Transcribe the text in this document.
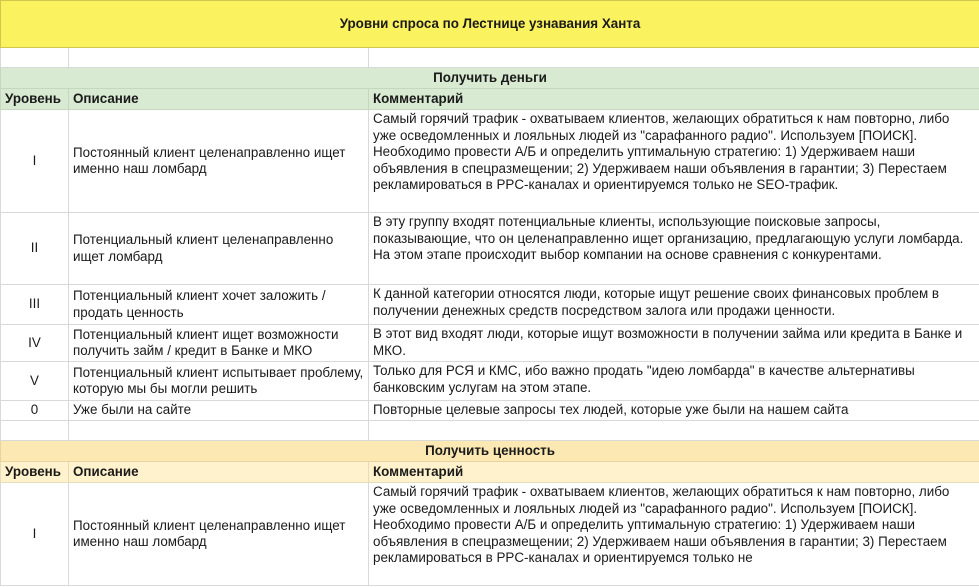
Уровни спроса по Лестнице узнавания Ханта		

Получить деньги		
Уровень	Описание	Комментарий
I	Постоянный клиент целенаправленно ищет именно наш ломбард	Самый горячий трафик - охватываем клиентов, желающих обратиться к нам повторно, либо уже осведомленных и лояльных людей из "сарафанного радио". Используем [ПОИСК]. Необходимо провести А/Б и определить уптимальную стратегию: 1) Удерживаем наши объявления в спецразмещении; 2) Удерживаем наши объявления в гарантии; 3) Перестаем рекламироваться в PPC-каналах и ориентируемся только не SEO-трафик.
II	Потенциальный клиент целенаправленно ищет ломбард	В эту группу входят потенциальные клиенты, использующие поисковые запросы, показывающие, что он целенаправленно ищет организацию, предлагающую услуги ломбарда. На этом этапе происходит выбор компании на основе сравнения с конкурентами.
III	Потенциальный клиент хочет заложить / продать ценность	К данной категории относятся люди, которые ищут решение своих финансовых проблем в получении денежных средств посредством залога или продажи ценности.
IV	Потенциальный клиент ищет возможности получить займ / кредит в Банке и МКО	В этот вид входят люди, которые ищут возможности в получении займа или кредита в Банке и МКО.
V	Потенциальный клиент испытывает проблему, которую мы бы могли решить	Только для РСЯ и КМС, ибо важно продать "идею ломбарда" в качестве альтернативы банковским услугам на этом этапе.
0	Уже были на сайте	Повторные целевые запросы тех людей, которые уже были на нашем сайта

Получить ценность		
Уровень	Описание	Комментарий
I	Постоянный клиент целенаправленно ищет именно наш ломбард	Самый горячий трафик - охватываем клиентов, желающих обратиться к нам повторно, либо уже осведомленных и лояльных людей из "сарафанного радио". Используем [ПОИСК]. Необходимо провести А/Б и определить уптимальную стратегию: 1) Удерживаем наши объявления в спецразмещении; 2) Удерживаем наши объявления в гарантии; 3) Перестаем рекламироваться в PPC-каналах и ориентируемся только не
